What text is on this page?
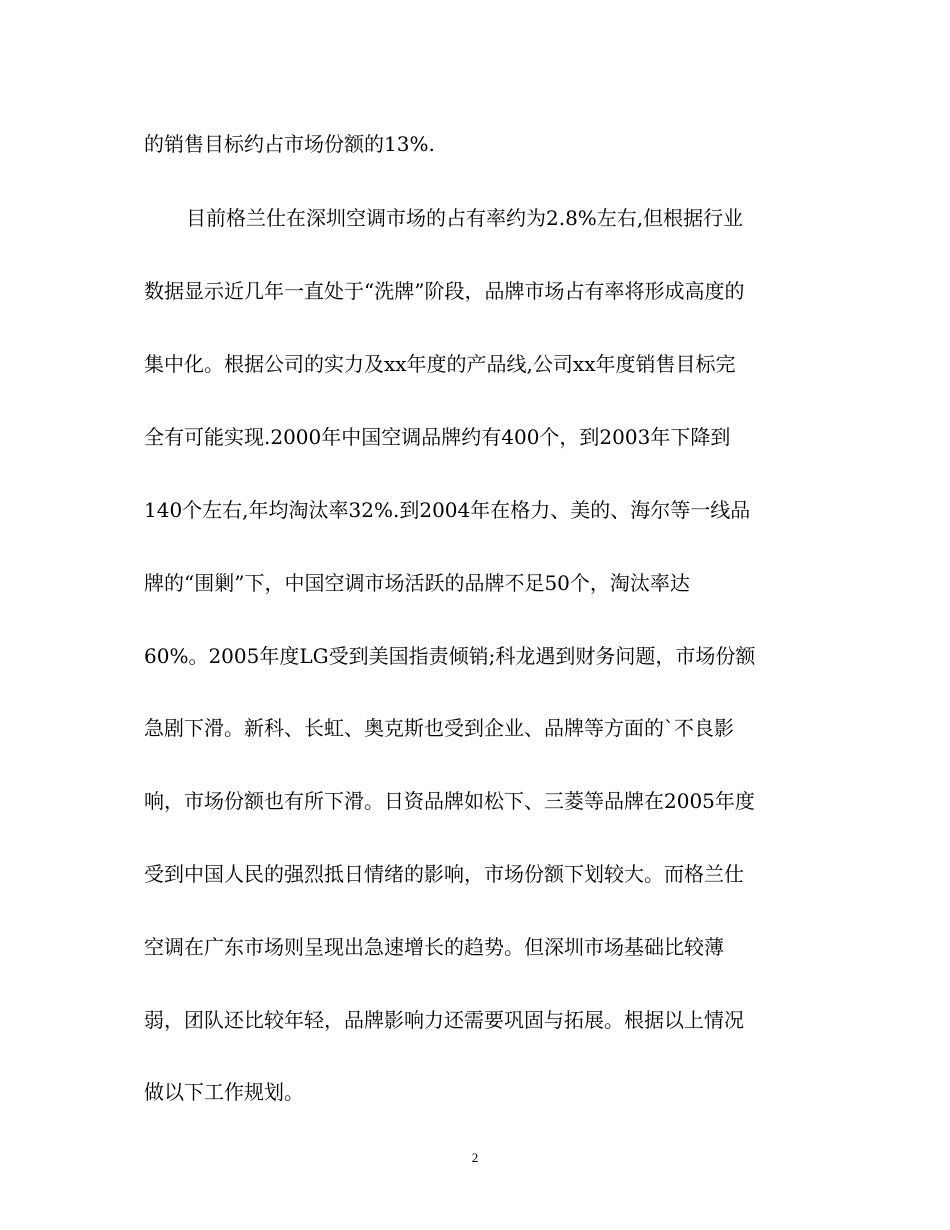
的销售目标约占市场份额的13%.
目前格兰仕在深圳空调市场的占有率约为2.8%左右,但根据行业
数据显示近几年一直处于“洗牌”阶段，品牌市场占有率将形成高度的
集中化。根据公司的实力及xx年度的产品线,公司xx年度销售目标完
全有可能实现.2000年中国空调品牌约有400个，到2003年下降到
140个左右,年均淘汰率32%.到2004年在格力、美的、海尔等一线品
牌的“围剿”下，中国空调市场活跃的品牌不足50个，淘汰率达
60%。2005年度LG受到美国指责倾销;科龙遇到财务问题，市场份额
急剧下滑。新科、长虹、奥克斯也受到企业、品牌等方面的`不良影
响，市场份额也有所下滑。日资品牌如松下、三菱等品牌在2005年度
受到中国人民的强烈抵日情绪的影响，市场份额下划较大。而格兰仕
空调在广东市场则呈现出急速增长的趋势。但深圳市场基础比较薄
弱，团队还比较年轻，品牌影响力还需要巩固与拓展。根据以上情况
做以下工作规划。
2
